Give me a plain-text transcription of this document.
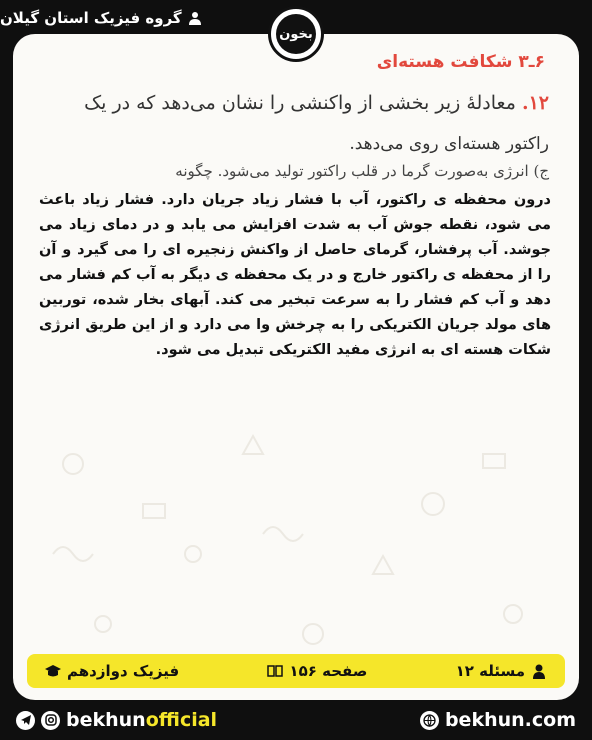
گروه فیزیک استان گیلان
بخون
۶ـ۳ شکافت هسته‌ای
۱۲. معادلهٔ زیر بخشی از واکنشی را نشان می‌دهد که در یک
راکتور هسته‌ای روی می‌دهد.
ج) انرژی به‌صورت گرما در قلب راکتور تولید می‌شود. چگونه
درون محفظه ی راکتور، آب با فشار زیاد جریان دارد. فشار زیاد باعث می شود، نقطه جوش آب به شدت افزایش می یابد و در دمای زیاد می جوشد. آب پرفشار، گرمای حاصل از واکنش زنجیره ای را می گیرد و آن را از محفظه ی راکتور خارج و در یک محفظه ی دیگر به آب کم فشار می دهد و آب کم فشار را به سرعت تبخیر می کند. آبهای بخار شده، توربین های مولد جریان الکتریکی را به چرخش وا می دارد و از این طریق انرژی شکات هسته ای به انرژی مفید الکتریکی تبدیل می شود.
مسئله ۱۲
صفحه ۱۵۶
فیزیک دوازدهم
bekhun official	bekhun.com
